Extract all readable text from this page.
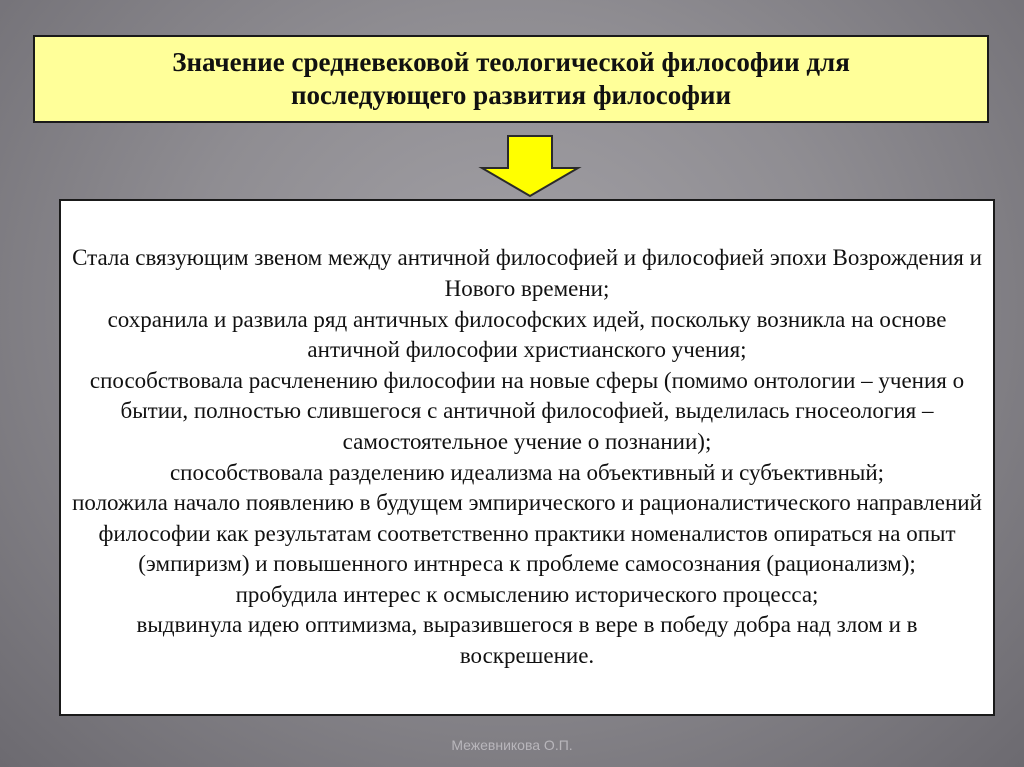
Значение средневековой теологической философии для последующего развития философии

Стала связующим звеном между античной философией и философией эпохи Возрождения и Нового времени;

сохранила и развила ряд античных философских идей, поскольку возникла на основе античной философии христианского учения;

способствовала расчленению философии на новые сферы (помимо онтологии – учения о бытии, полностью слившегося с античной философией, выделилась гносеология – самостоятельное учение о познании);

способствовала разделению идеализма на объективный и субъективный;

положила начало появлению в будущем эмпирического и рационалистического направлений философии как результатам соответственно практики номеналистов опираться на опыт (эмпиризм) и повышенного интнреса к проблеме самосознания (рационализм);

пробудила интерес к осмыслению исторического процесса;

выдвинула идею оптимизма, выразившегося в вере в победу добра над злом и в воскрешение.

Межевникова О.П.
